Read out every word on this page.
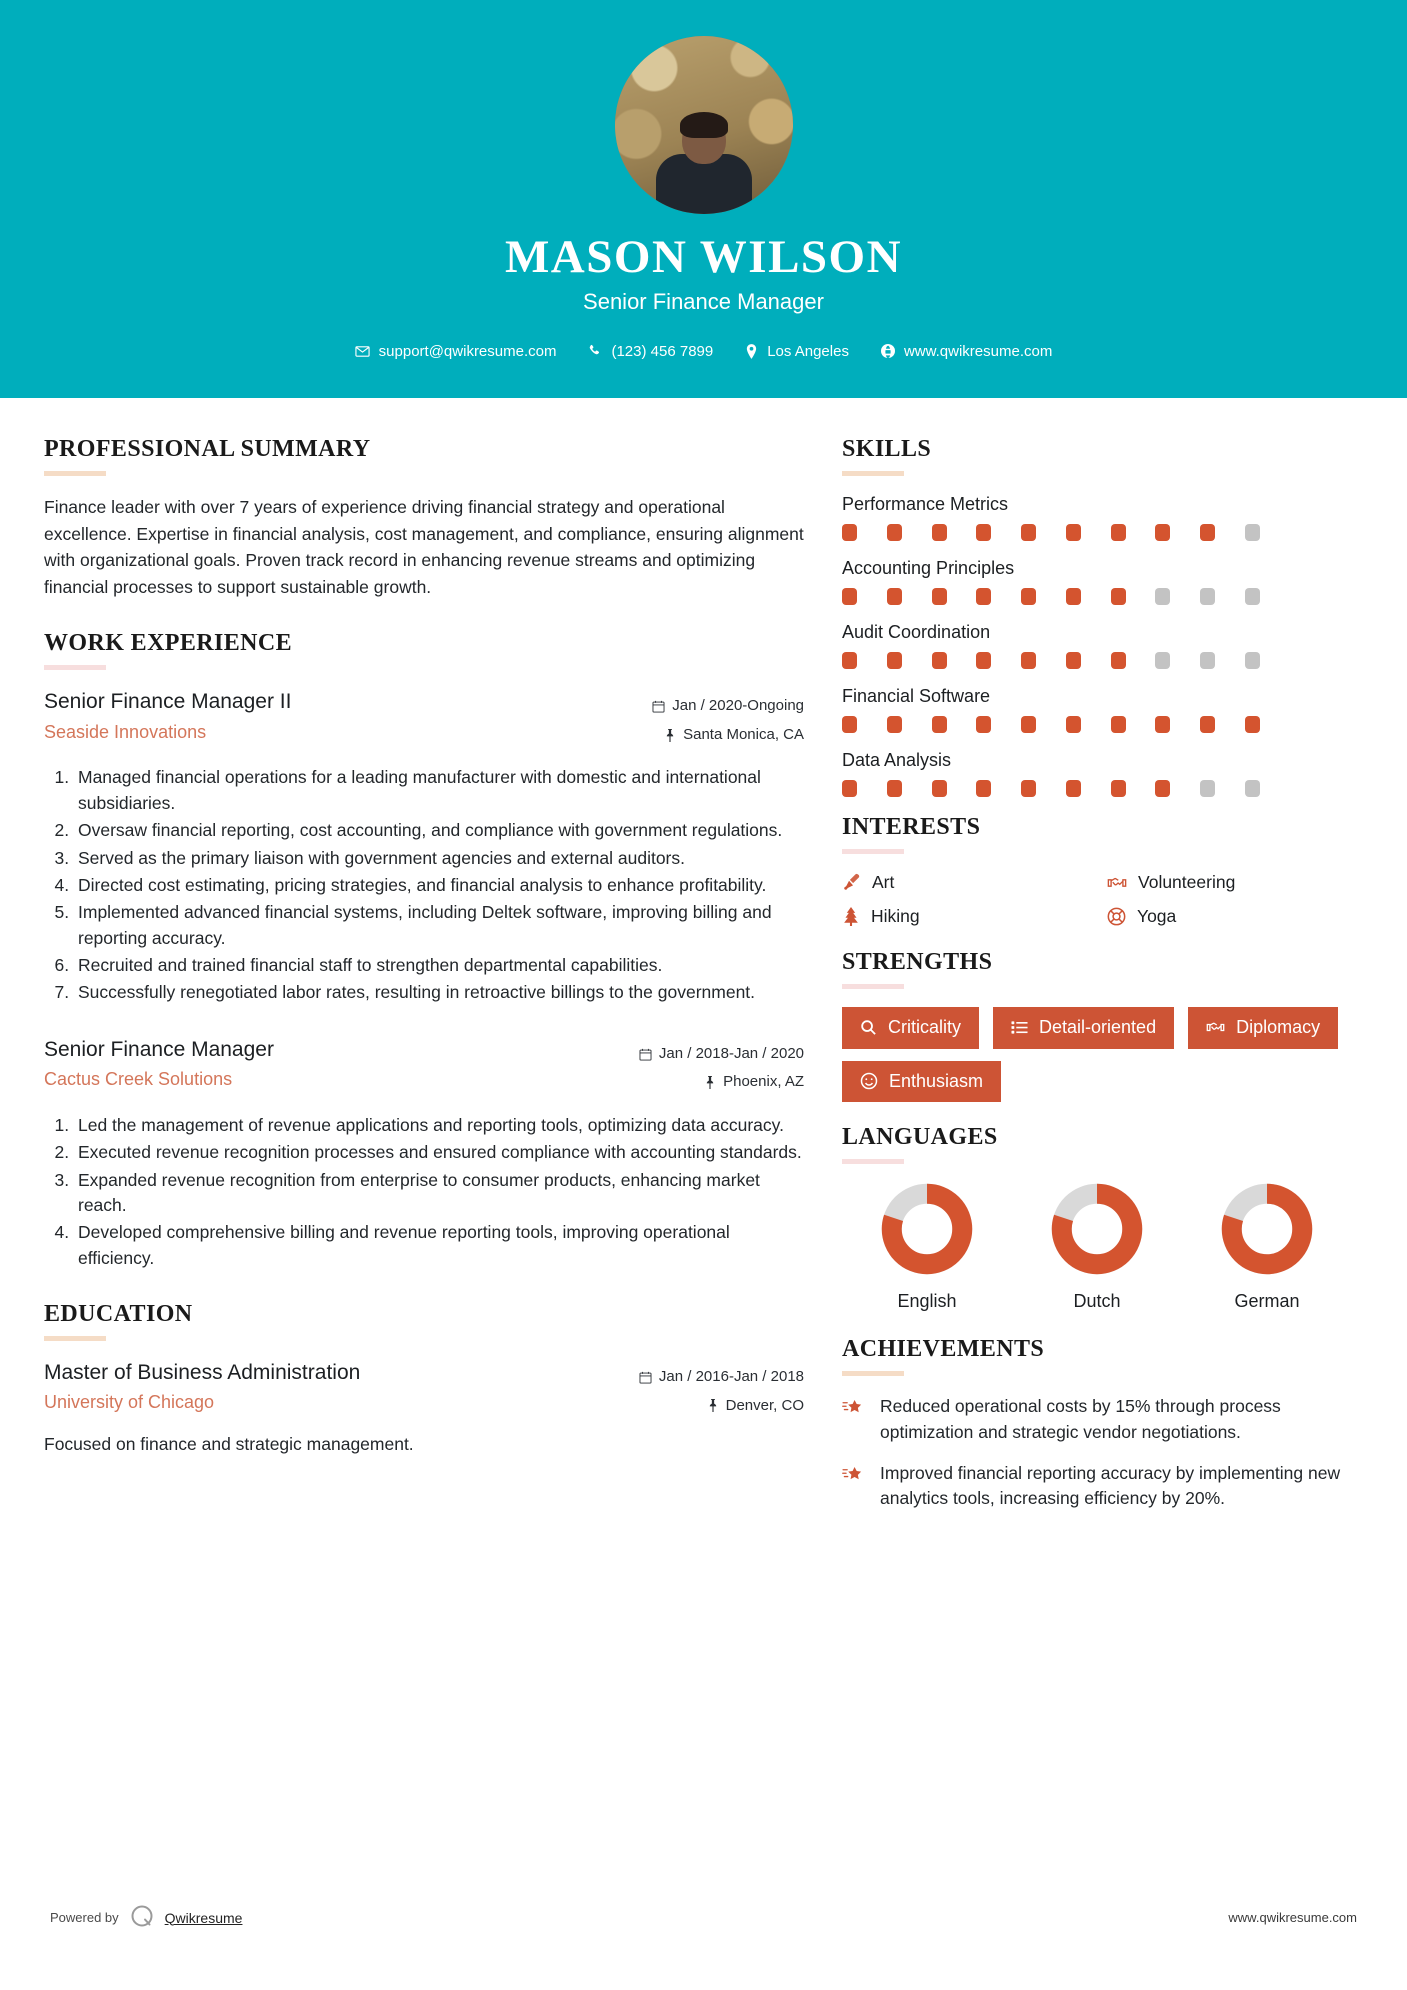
MASON WILSON
Senior Finance Manager
support@qwikresume.com	(123) 456 7899	Los Angeles	www.qwikresume.com
PROFESSIONAL SUMMARY

Finance leader with over 7 years of experience driving financial strategy and operational excellence. Expertise in financial analysis, cost management, and compliance, ensuring alignment with organizational goals. Proven track record in enhancing revenue streams and optimizing financial processes to support sustainable growth.

WORK EXPERIENCE
Senior Finance Manager II
Seaside Innovations
Jan / 2020-Ongoing
Santa Monica, CA
1. Managed financial operations for a leading manufacturer with domestic and international subsidiaries.
2. Oversaw financial reporting, cost accounting, and compliance with government regulations.
3. Served as the primary liaison with government agencies and external auditors.
4. Directed cost estimating, pricing strategies, and financial analysis to enhance profitability.
5. Implemented advanced financial systems, including Deltek software, improving billing and reporting accuracy.
6. Recruited and trained financial staff to strengthen departmental capabilities.
7. Successfully renegotiated labor rates, resulting in retroactive billings to the government.
Senior Finance Manager
Cactus Creek Solutions
Jan / 2018-Jan / 2020
Phoenix, AZ
1. Led the management of revenue applications and reporting tools, optimizing data accuracy.
2. Executed revenue recognition processes and ensured compliance with accounting standards.
3. Expanded revenue recognition from enterprise to consumer products, enhancing market reach.
4. Developed comprehensive billing and revenue reporting tools, improving operational efficiency.
EDUCATION
Master of Business Administration
University of Chicago
Jan / 2016-Jan / 2018
Denver, CO
Focused on finance and strategic management.
SKILLS
Performance Metrics
Accounting Principles
Audit Coordination
Financial Software
Data Analysis
INTERESTS
Art	Volunteering
Hiking	Yoga
STRENGTHS
Criticality	Detail-oriented	Diplomacy
Enthusiasm
LANGUAGES
English	Dutch	German
ACHIEVEMENTS
Reduced operational costs by 15% through process optimization and strategic vendor negotiations.
Improved financial reporting accuracy by implementing new analytics tools, increasing efficiency by 20%.
Powered by	Qwikresume	www.qwikresume.com
